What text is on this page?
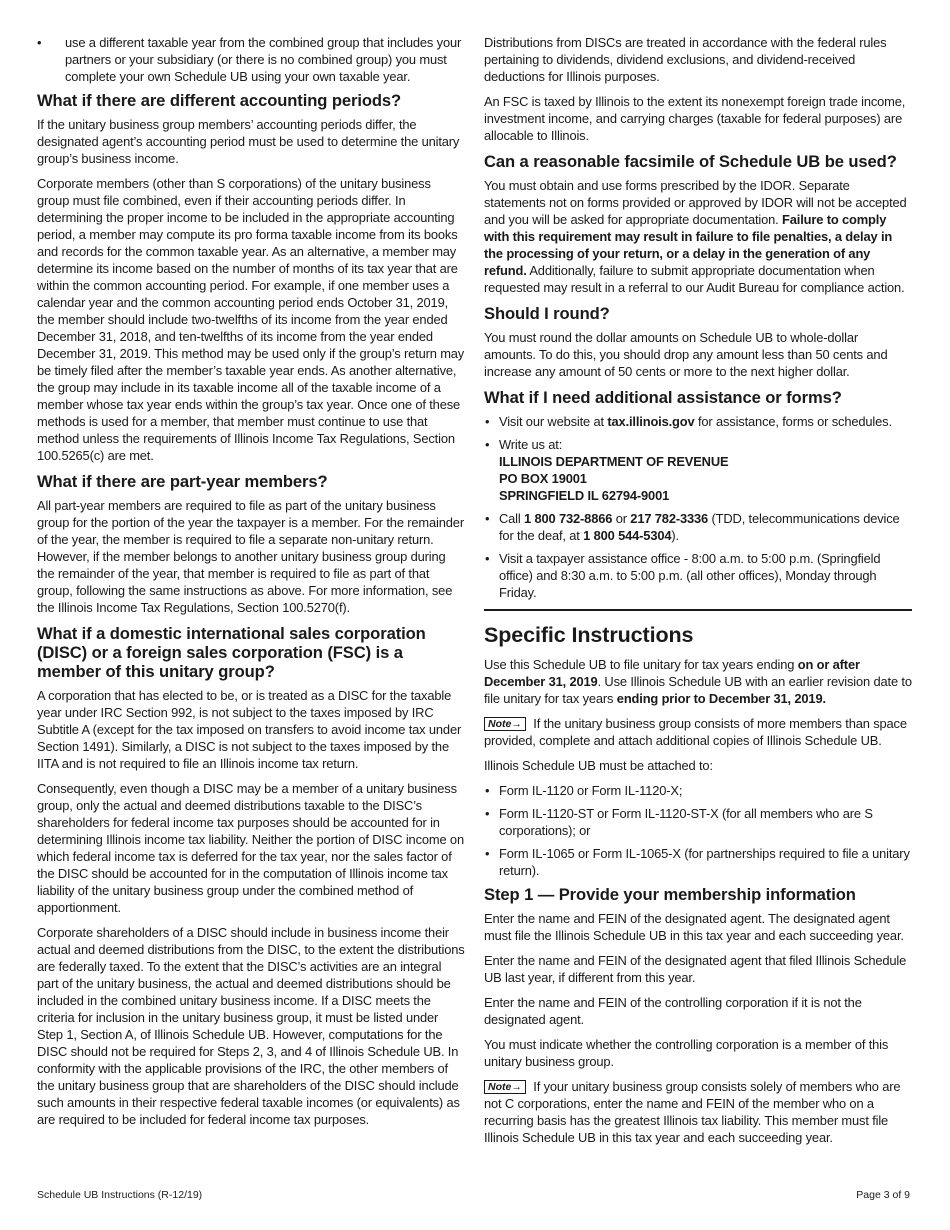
• use a different taxable year from the combined group that includes your partners or your subsidiary (or there is no combined group) you must complete your own Schedule UB using your own taxable year.
What if there are different accounting periods?

If the unitary business group members’ accounting periods differ, the designated agent’s accounting period must be used to determine the unitary group’s business income.

Corporate members (other than S corporations) of the unitary business group must file combined, even if their accounting periods differ. In determining the proper income to be included in the appropriate accounting period, a member may compute its pro forma taxable income from its books and records for the common taxable year. As an alternative, a member may determine its income based on the number of months of its tax year that are within the common accounting period. For example, if one member uses a calendar year and the common accounting period ends October 31, 2019, the member should include two-twelfths of its income from the year ended December 31, 2018, and ten-twelfths of its income from the year ended December 31, 2019. This method may be used only if the group’s return may be timely filed after the member’s taxable year ends. As another alternative, the group may include in its taxable income all of the taxable income of a member whose tax year ends within the group’s tax year. Once one of these methods is used for a member, that member must continue to use that method unless the requirements of Illinois Income Tax Regulations, Section 100.5265(c) are met.

What if there are part-year members?

All part-year members are required to file as part of the unitary business group for the portion of the year the taxpayer is a member. For the remainder of the year, the member is required to file a separate non-unitary return. However, if the member belongs to another unitary business group during the remainder of the year, that member is required to file as part of that group, following the same instructions as above. For more information, see the Illinois Income Tax Regulations, Section 100.5270(f).

What if a domestic international sales corporation (DISC) or a foreign sales corporation (FSC) is a member of this unitary group?

A corporation that has elected to be, or is treated as a DISC for the taxable year under IRC Section 992, is not subject to the taxes imposed by IRC Subtitle A (except for the tax imposed on transfers to avoid income tax under Section 1491). Similarly, a DISC is not subject to the taxes imposed by the IITA and is not required to file an Illinois income tax return.

Consequently, even though a DISC may be a member of a unitary business group, only the actual and deemed distributions taxable to the DISC’s shareholders for federal income tax purposes should be accounted for in determining Illinois income tax liability. Neither the portion of DISC income on which federal income tax is deferred for the tax year, nor the sales factor of the DISC should be accounted for in the computation of Illinois income tax liability of the unitary business group under the combined method of apportionment.

Corporate shareholders of a DISC should include in business income their actual and deemed distributions from the DISC, to the extent the distributions are federally taxed. To the extent that the DISC’s activities are an integral part of the unitary business, the actual and deemed distributions should be included in the combined unitary business income. If a DISC meets the criteria for inclusion in the unitary business group, it must be listed under Step 1, Section A, of Illinois Schedule UB. However, computations for the DISC should not be required for Steps 2, 3, and 4 of Illinois Schedule UB. In conformity with the applicable provisions of the IRC, the other members of the unitary business group that are shareholders of the DISC should include such amounts in their respective federal taxable incomes (or equivalents) as are required to be included for federal income tax purposes.

Distributions from DISCs are treated in accordance with the federal rules pertaining to dividends, dividend exclusions, and dividend-received deductions for Illinois purposes.

An FSC is taxed by Illinois to the extent its nonexempt foreign trade income, investment income, and carrying charges (taxable for federal purposes) are allocable to Illinois.

Can a reasonable facsimile of Schedule UB be used?

You must obtain and use forms prescribed by the IDOR. Separate statements not on forms provided or approved by IDOR will not be accepted and you will be asked for appropriate documentation. Failure to comply with this requirement may result in failure to file penalties, a delay in the processing of your return, or a delay in the generation of any refund. Additionally, failure to submit appropriate documentation when requested may result in a referral to our Audit Bureau for compliance action.

Should I round?

You must round the dollar amounts on Schedule UB to whole-dollar amounts. To do this, you should drop any amount less than 50 cents and increase any amount of 50 cents or more to the next higher dollar.

What if I need additional assistance or forms?
• Visit our website at tax.illinois.gov for assistance, forms or schedules.
• Write us at:
ILLINOIS DEPARTMENT OF REVENUE
PO BOX 19001
SPRINGFIELD IL 62794-9001
• Call 1 800 732-8866 or 217 782-3336 (TDD, telecommunications device for the deaf, at 1 800 544-5304).
• Visit a taxpayer assistance office - 8:00 a.m. to 5:00 p.m. (Springfield office) and 8:30 a.m. to 5:00 p.m. (all other offices), Monday through Friday.
Specific Instructions

Use this Schedule UB to file unitary for tax years ending on or after December 31, 2019. Use Illinois Schedule UB with an earlier revision date to file unitary for tax years ending prior to December 31, 2019.

Note→ If the unitary business group consists of more members than space provided, complete and attach additional copies of Illinois Schedule UB.

Illinois Schedule UB must be attached to:

• Form IL-1120 or Form IL-1120-X;
• Form IL-1120-ST or Form IL-1120-ST-X (for all members who are S corporations); or
• Form IL-1065 or Form IL-1065-X (for partnerships required to file a unitary return).
Step 1 — Provide your membership information

Enter the name and FEIN of the designated agent. The designated agent must file the Illinois Schedule UB in this tax year and each succeeding year.

Enter the name and FEIN of the designated agent that filed Illinois Schedule UB last year, if different from this year.

Enter the name and FEIN of the controlling corporation if it is not the designated agent.

You must indicate whether the controlling corporation is a member of this unitary business group.

Note→ If your unitary business group consists solely of members who are not C corporations, enter the name and FEIN of the member who on a recurring basis has the greatest Illinois tax liability. This member must file Illinois Schedule UB in this tax year and each succeeding year.

Schedule UB Instructions (R-12/19)	Page 3 of 9
